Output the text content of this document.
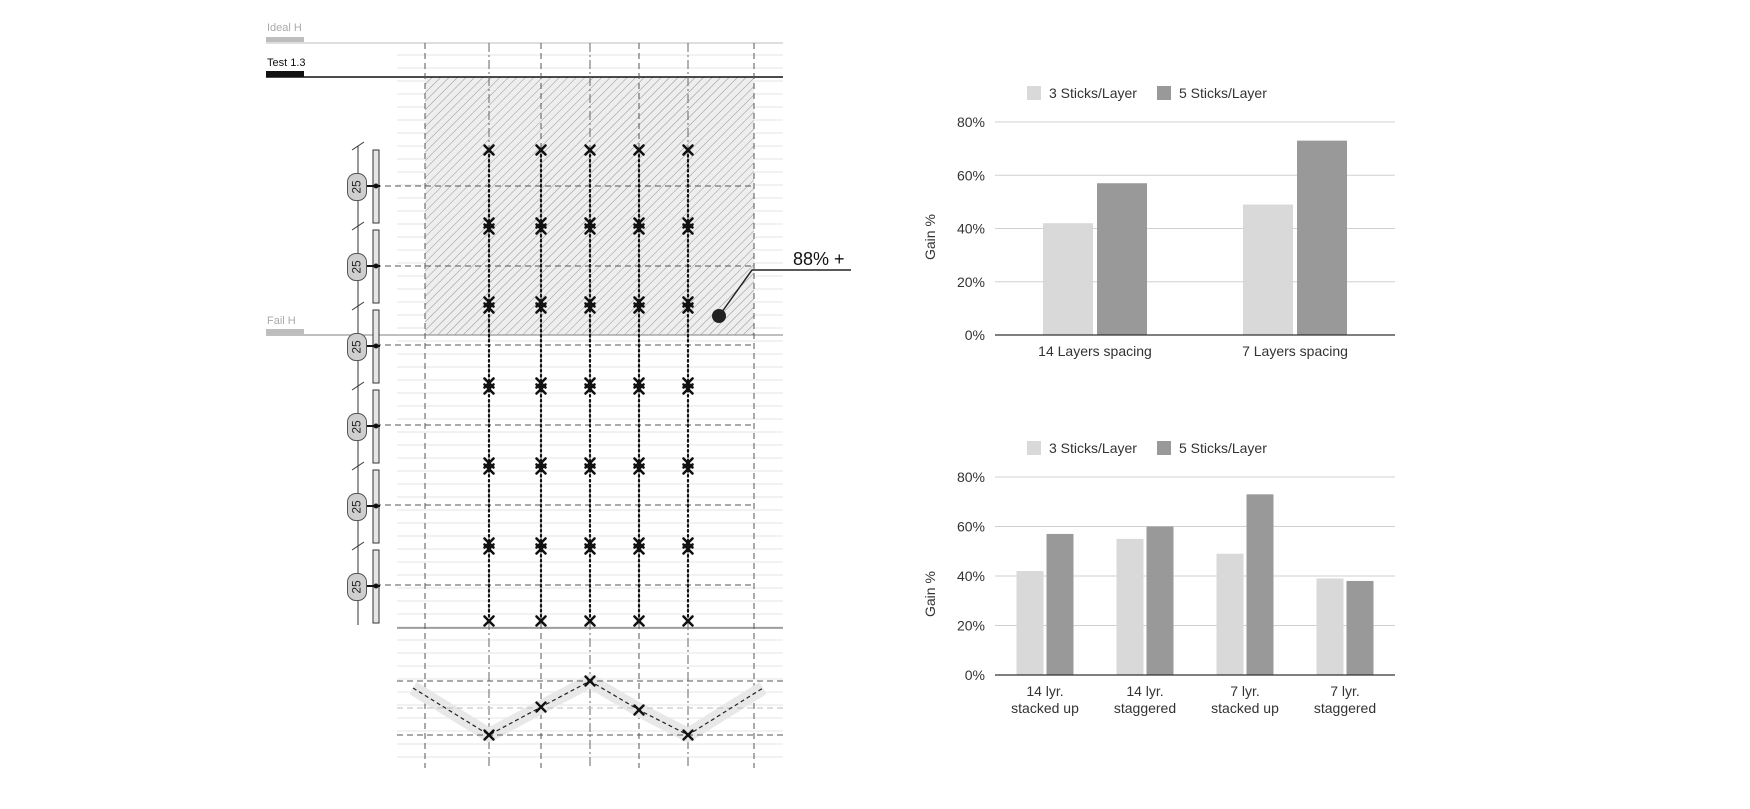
Ideal H
Test 1.3
Fail H
88% +
25
25
25
25
25
25
3 Sticks/Layer	5 Sticks/Layer
Gain %
0%
20%
40%
60%
80%
14 Layers spacing	7 Layers spacing
3 Sticks/Layer	5 Sticks/Layer
Gain %
0%
20%
40%
60%
80%
14 lyr.
stacked up
14 lyr.
staggered
7 lyr.
stacked up
7 lyr.
staggered
